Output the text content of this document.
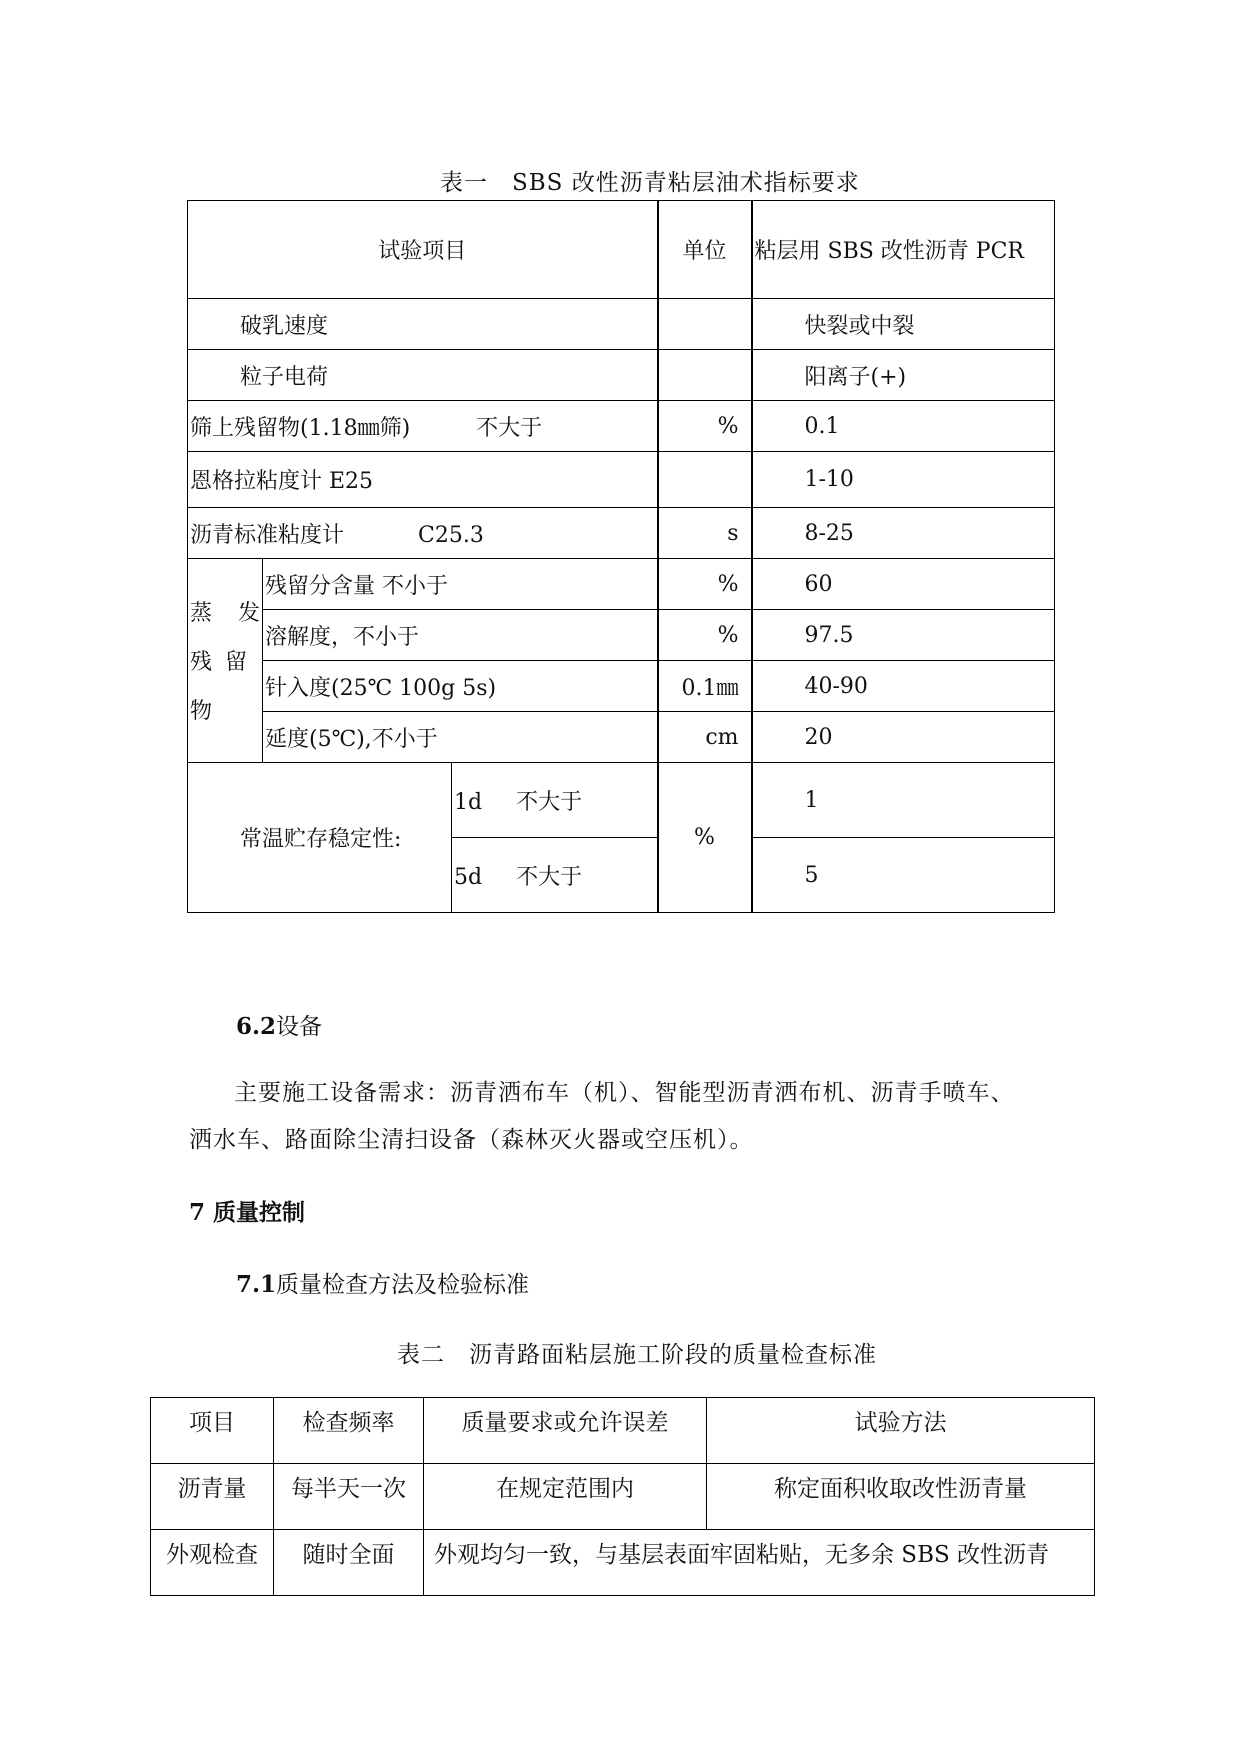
表一　SBS 改性沥青粘层油术指标要求
试验项目			单位	粘层用 SBS 改性沥青 PCR
破乳速度				快裂或中裂
粒子电荷				阳离子(+)
筛上残留物(1.18㎜筛) 不大于			%	0.1
恩格拉粘度计 E25				1-10
沥青标准粘度计 C25.3			s	8-25

蒸 发
残 留
物	残留分含量 不小于		%	60
	溶解度，不小于		%	97.5
	针入度(25℃ 100g 5s)		0.1㎜	40-90
	延度(5℃),不小于		cm	20
常温贮存稳定性:		1d 不大于	%	1
		5d 不大于		5
6.2设备
主要施工设备需求：沥青洒布车（机）、智能型沥青洒布机、沥青手喷车、
洒水车、路面除尘清扫设备（森林灭火器或空压机）。
7 质量控制
7.1质量检查方法及检验标准
表二　沥青路面粘层施工阶段的质量检查标准
项目	检查频率	质量要求或允许误差	试验方法

沥青量	每半天一次	在规定范围内	称定面积收取改性沥青量

外观检查	随时全面	外观均匀一致，与基层表面牢固粘贴，无多余 SBS 改性沥青	
